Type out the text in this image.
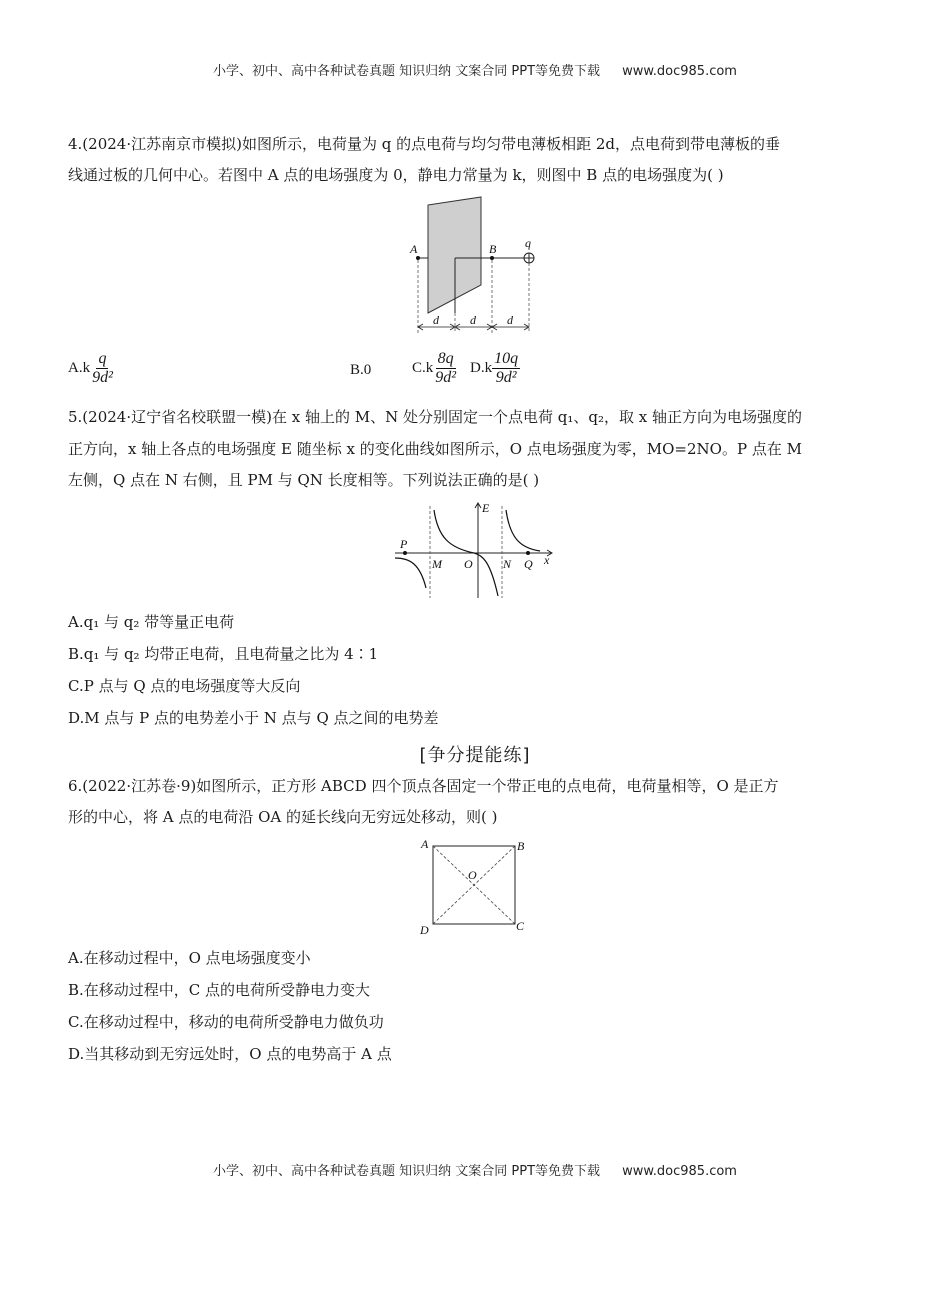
小学、初中、高中各种试卷真题 知识归纳 文案合同 PPT等免费下载 www.doc985.com
4.(2024·江苏南京市模拟)如图所示，电荷量为 q 的点电荷与均匀带电薄板相距 2d，点电荷到带电薄板的垂
线通过板的几何中心。若图中 A 点的电场强度为 0，静电力常量为 k，则图中 B 点的电场强度为( )
A	B q
d	d	d
$A.k \frac{q}{\text{9d²}}$	B.0	$C.k \frac{8q}{\text{9d²}} D.k \frac{10q}{\text{9d²}}$
5.(2024·辽宁省名校联盟一模)在 x 轴上的 M、N 处分别固定一个点电荷 q₁、q₂，取 x 轴正方向为电场强度的
正方向，x 轴上各点的电场强度 E 随坐标 x 的变化曲线如图所示，O 点电场强度为零，MO=2NO。P 点在 M
左侧，Q 点在 N 右侧，且 PM 与 QN 长度相等。下列说法正确的是( )
E
P
M O	N Q x
A.q₁ 与 q₂ 带等量正电荷
B.q₁ 与 q₂ 均带正电荷，且电荷量之比为 4∶1
C.P 点与 Q 点的电场强度等大反向
D.M 点与 P 点的电势差小于 N 点与 Q 点之间的电势差
[争分提能练]
6.(2022·江苏卷·9)如图所示，正方形 ABCD 四个顶点各固定一个带正电的点电荷，电荷量相等，O 是正方
形的中心，将 A 点的电荷沿 OA 的延长线向无穷远处移动，则( )
A	B
C
D
O
A.在移动过程中，O 点电场强度变小
B.在移动过程中，C 点的电荷所受静电力变大
C.在移动过程中，移动的电荷所受静电力做负功
D.当其移动到无穷远处时，O 点的电势高于 A 点
小学、初中、高中各种试卷真题 知识归纳 文案合同 PPT等免费下载 www.doc985.com
